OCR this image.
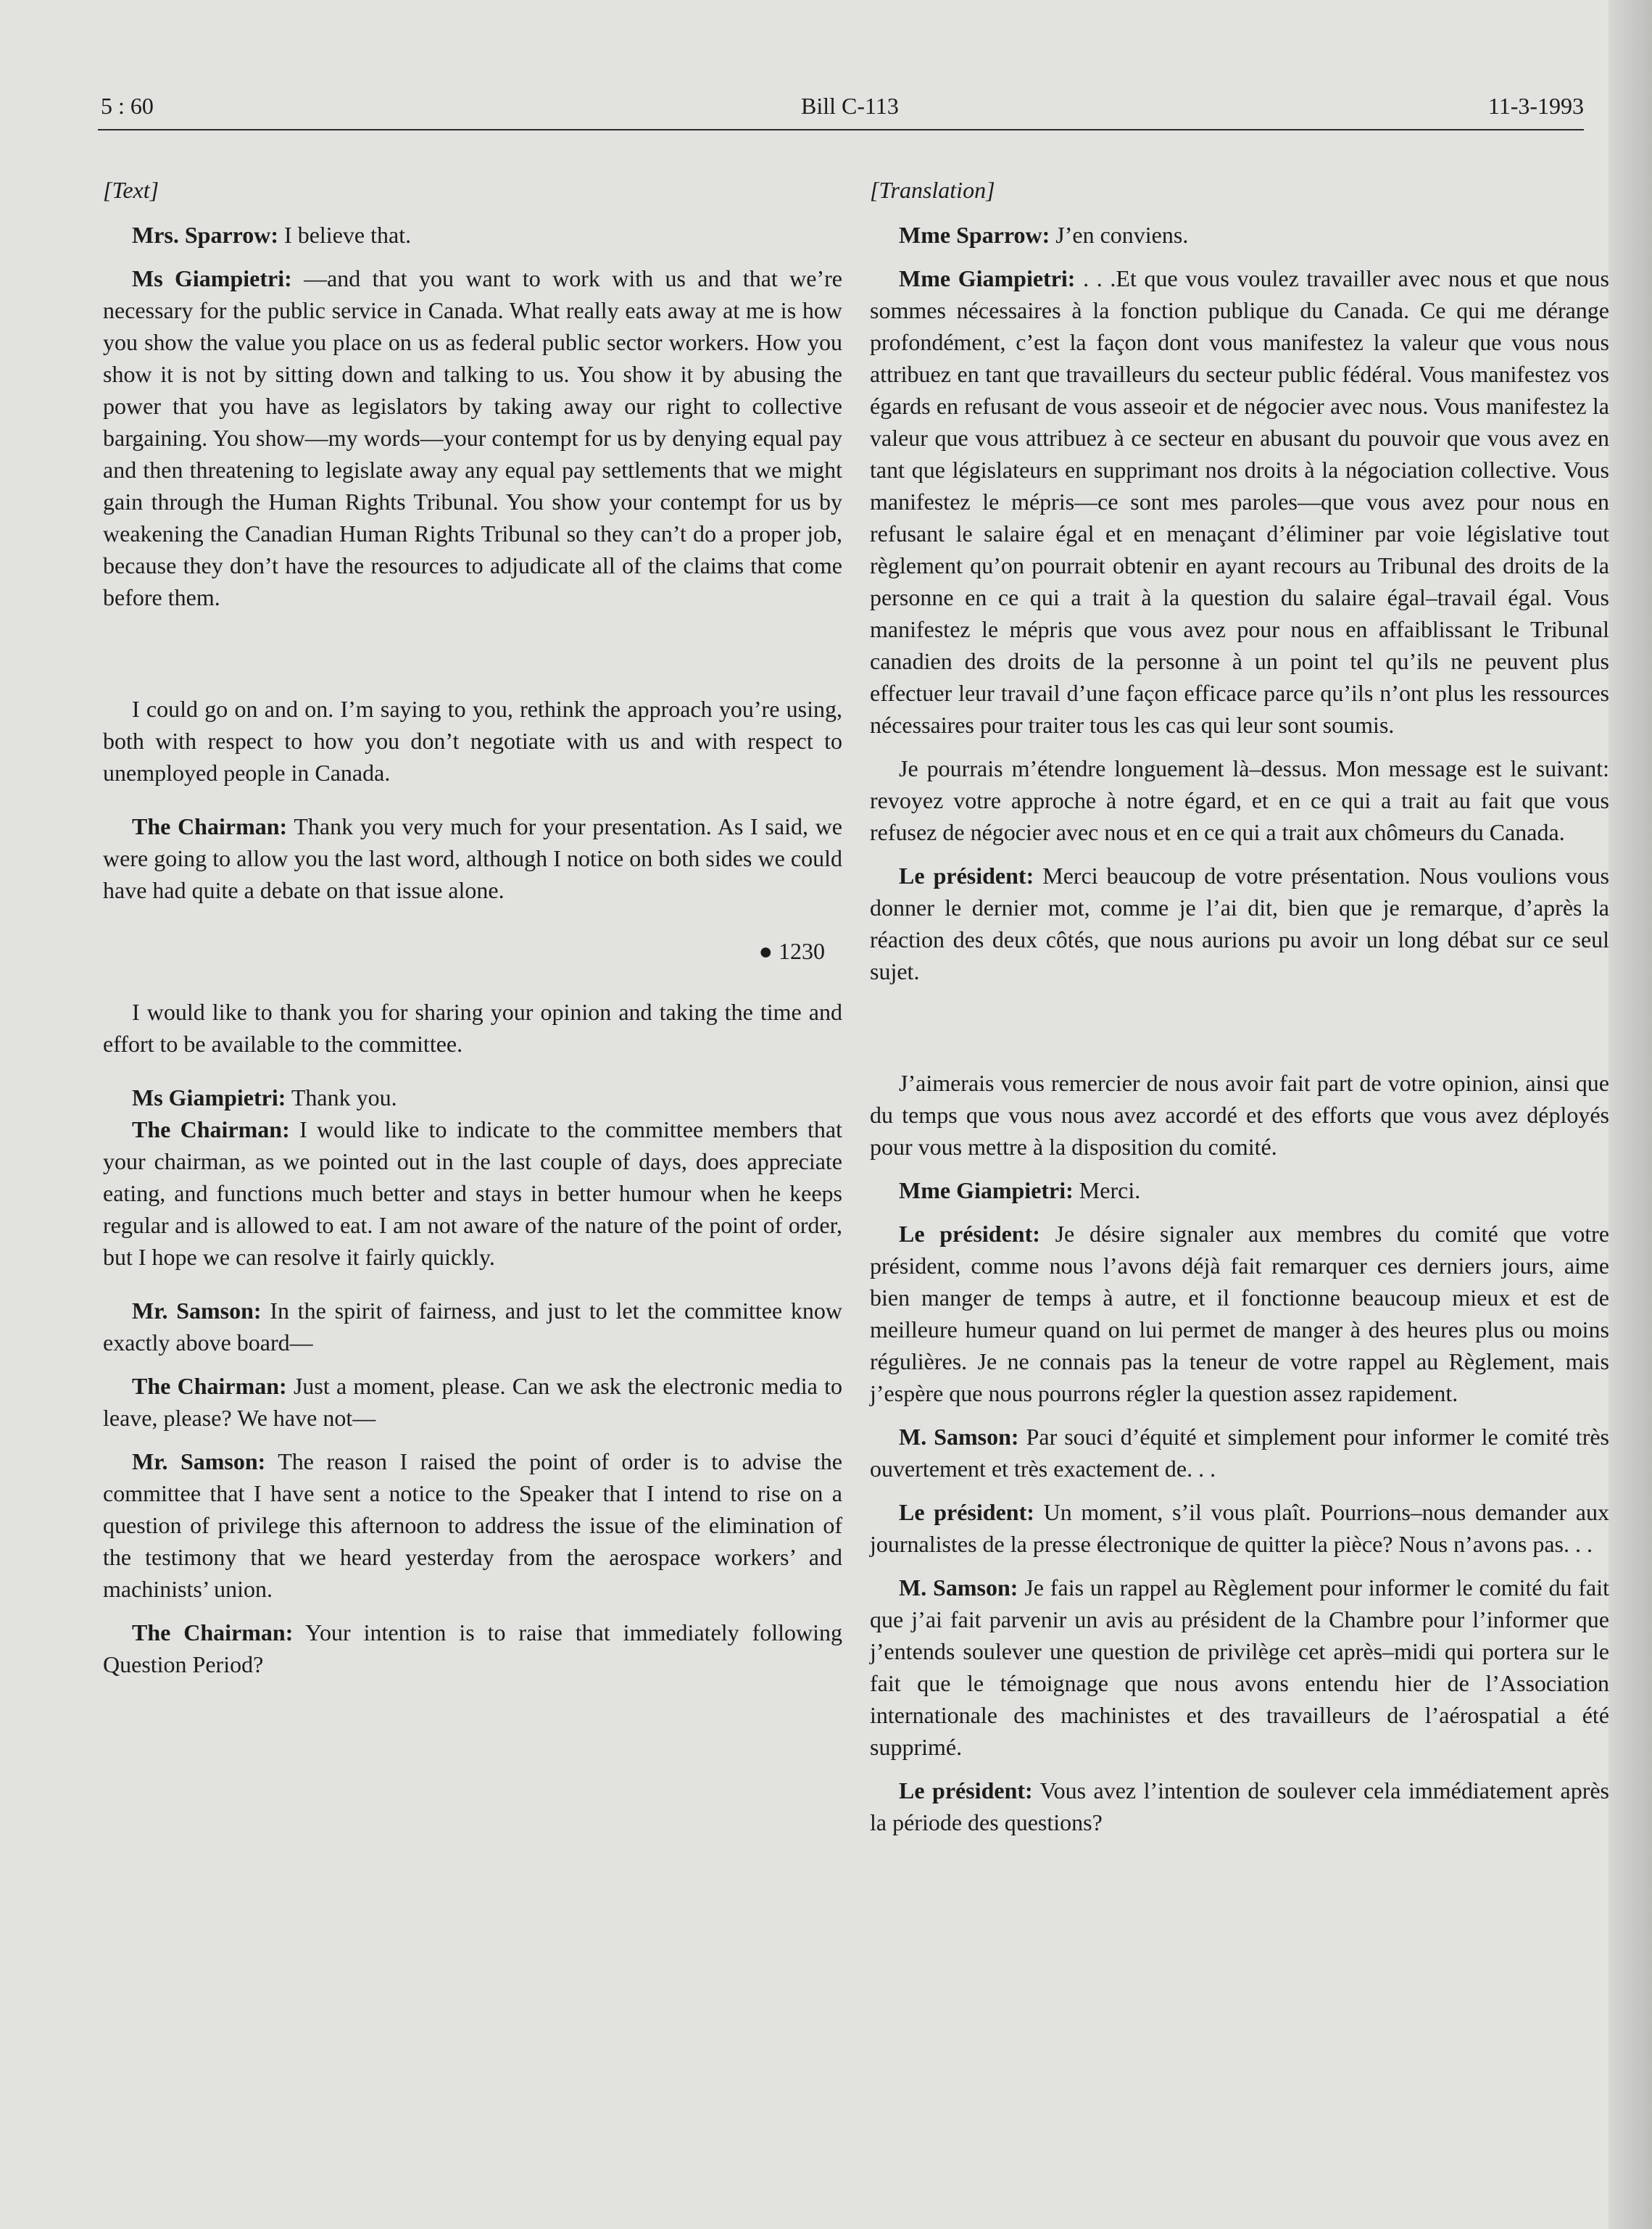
5 : 60	Bill C-113	11-3-1993
[Text]

Mrs. Sparrow: I believe that.

Ms Giampietri: —and that you want to work with us and that we’re necessary for the public service in Canada. What really eats away at me is how you show the value you place on us as federal public sector workers. How you show it is not by sitting down and talking to us. You show it by abusing the power that you have as legislators by taking away our right to collective bargaining. You show—my words—your contempt for us by denying equal pay and then threatening to legislate away any equal pay settlements that we might gain through the Human Rights Tribunal. You show your contempt for us by weakening the Canadian Human Rights Tribunal so they can’t do a proper job, because they don’t have the resources to adjudicate all of the claims that come before them.

I could go on and on. I’m saying to you, rethink the approach you’re using, both with respect to how you don’t negotiate with us and with respect to unemployed people in Canada.

The Chairman: Thank you very much for your presentation. As I said, we were going to allow you the last word, although I notice on both sides we could have had quite a debate on that issue alone.

● 1230

I would like to thank you for sharing your opinion and taking the time and effort to be available to the committee.

Ms Giampietri: Thank you.

The Chairman: I would like to indicate to the committee members that your chairman, as we pointed out in the last couple of days, does appreciate eating, and functions much better and stays in better humour when he keeps regular and is allowed to eat. I am not aware of the nature of the point of order, but I hope we can resolve it fairly quickly.

Mr. Samson: In the spirit of fairness, and just to let the committee know exactly above board—

The Chairman: Just a moment, please. Can we ask the electronic media to leave, please? We have not—

Mr. Samson: The reason I raised the point of order is to advise the committee that I have sent a notice to the Speaker that I intend to rise on a question of privilege this afternoon to address the issue of the elimination of the testimony that we heard yesterday from the aerospace workers’ and machinists’ union.

The Chairman: Your intention is to raise that immediately following Question Period?

[Translation]

Mme Sparrow: J’en conviens.

Mme Giampietri: . . .Et que vous voulez travailler avec nous et que nous sommes nécessaires à la fonction publique du Canada. Ce qui me dérange profondément, c’est la façon dont vous manifestez la valeur que vous nous attribuez en tant que travailleurs du secteur public fédéral. Vous manifestez vos égards en refusant de vous asseoir et de négocier avec nous. Vous manifestez la valeur que vous attribuez à ce secteur en abusant du pouvoir que vous avez en tant que législateurs en supprimant nos droits à la négociation collective. Vous manifestez le mépris—ce sont mes paroles—que vous avez pour nous en refusant le salaire égal et en menaçant d’éliminer par voie législative tout règlement qu’on pourrait obtenir en ayant recours au Tribunal des droits de la personne en ce qui a trait à la question du salaire égal–travail égal. Vous manifestez le mépris que vous avez pour nous en affaiblissant le Tribunal canadien des droits de la personne à un point tel qu’ils ne peuvent plus effectuer leur travail d’une façon efficace parce qu’ils n’ont plus les ressources nécessaires pour traiter tous les cas qui leur sont soumis.

Je pourrais m’étendre longuement là–dessus. Mon message est le suivant: revoyez votre approche à notre égard, et en ce qui a trait au fait que vous refusez de négocier avec nous et en ce qui a trait aux chômeurs du Canada.

Le président: Merci beaucoup de votre présentation. Nous voulions vous donner le dernier mot, comme je l’ai dit, bien que je remarque, d’après la réaction des deux côtés, que nous aurions pu avoir un long débat sur ce seul sujet.

J’aimerais vous remercier de nous avoir fait part de votre opinion, ainsi que du temps que vous nous avez accordé et des efforts que vous avez déployés pour vous mettre à la disposition du comité.

Mme Giampietri: Merci.

Le président: Je désire signaler aux membres du comité que votre président, comme nous l’avons déjà fait remarquer ces derniers jours, aime bien manger de temps à autre, et il fonctionne beaucoup mieux et est de meilleure humeur quand on lui permet de manger à des heures plus ou moins régulières. Je ne connais pas la teneur de votre rappel au Règlement, mais j’espère que nous pourrons régler la question assez rapidement.

M. Samson: Par souci d’équité et simplement pour informer le comité très ouvertement et très exactement de. . .

Le président: Un moment, s’il vous plaît. Pourrions–nous demander aux journalistes de la presse électronique de quitter la pièce? Nous n’avons pas. . .

M. Samson: Je fais un rappel au Règlement pour informer le comité du fait que j’ai fait parvenir un avis au président de la Chambre pour l’informer que j’entends soulever une question de privilège cet après–midi qui portera sur le fait que le témoignage que nous avons entendu hier de l’Association internationale des machinistes et des travailleurs de l’aérospatial a été supprimé.

Le président: Vous avez l’intention de soulever cela immédiatement après la période des questions?
